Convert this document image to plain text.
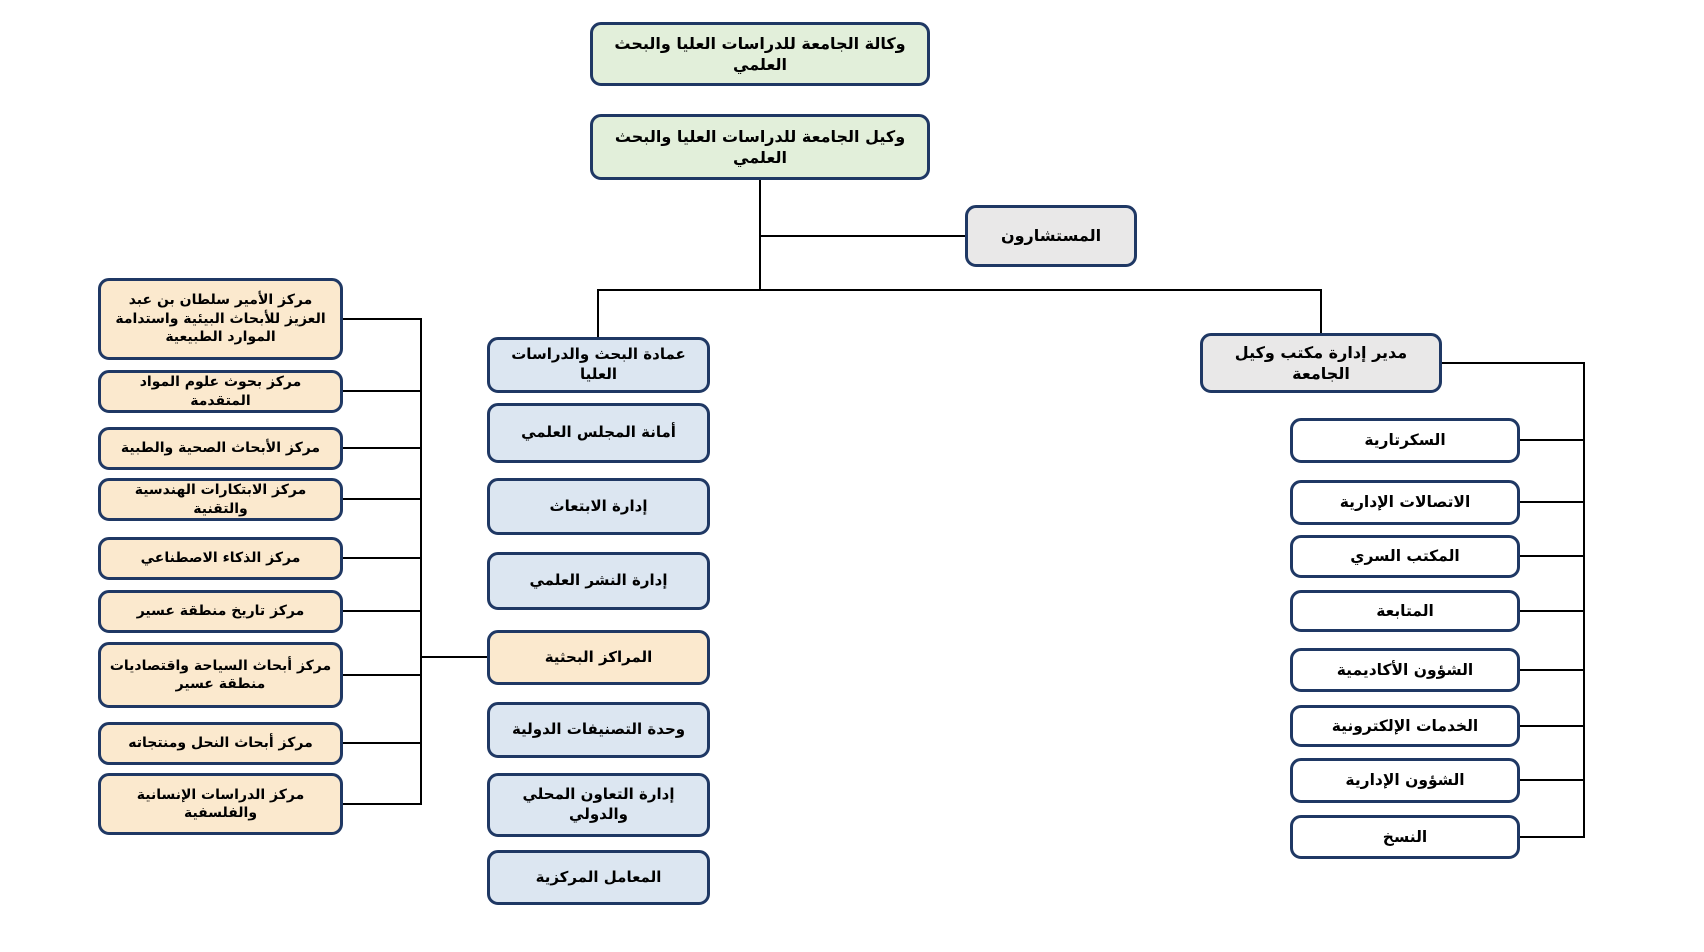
وكالة الجامعة للدراسات العليا والبحث العلمي
وكيل الجامعة للدراسات العليا والبحث العلمي
المستشارون
عمادة البحث والدراسات العليا
أمانة المجلس العلمي
إدارة الابتعاث
إدارة النشر العلمي
المراكز البحثية
وحدة التصنيفات الدولية
إدارة التعاون المحلي والدولي
المعامل المركزية
مركز الأمير سلطان بن عبد العزيز للأبحاث البيئية واستدامة الموارد الطبيعية
مركز بحوث علوم المواد المتقدمة
مركز الأبحاث الصحية والطبية
مركز الابتكارات الهندسية والتقنية
مركز الذكاء الاصطناعي
مركز تاريخ منطقة عسير
مركز أبحاث السياحة واقتصاديات منطقة عسير
مركز أبحاث النحل ومنتجاته
مركز الدراسات الإنسانية والفلسفية
مدير إدارة مكتب وكيل الجامعة
السكرتارية
الاتصالات الإدارية
المكتب السري
المتابعة
الشؤون الأكاديمية
الخدمات الإلكترونية
الشؤون الإدارية
النسخ
